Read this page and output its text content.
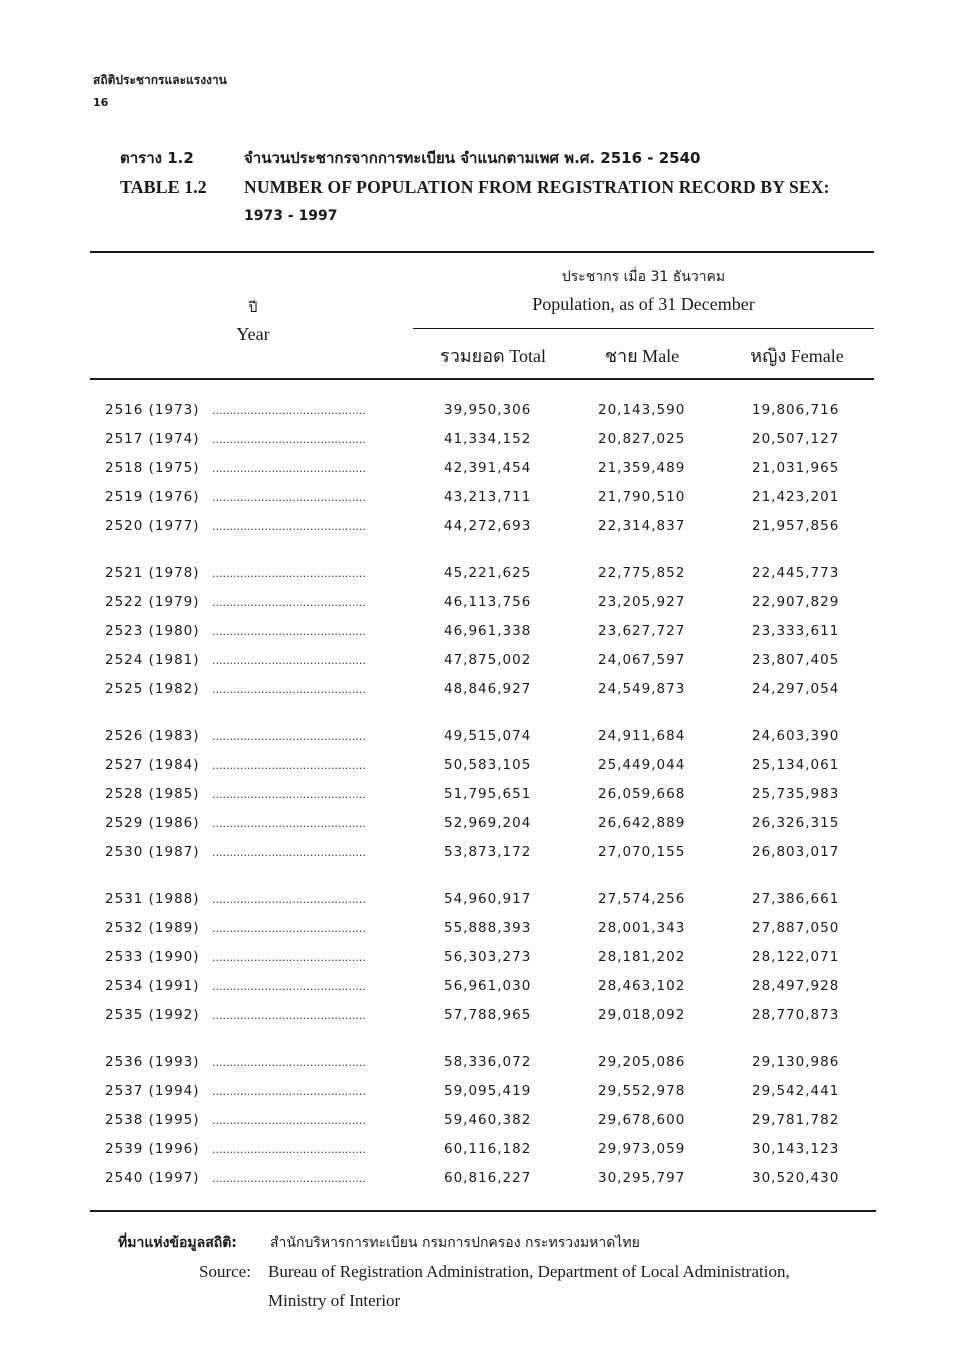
สถิติประชากรและแรงงาน
16
ตาราง 1.2
TABLE 1.2
จำนวนประชากรจากการทะเบียน จำแนกตามเพศ พ.ศ. 2516 - 2540
NUMBER OF POPULATION FROM REGISTRATION RECORD BY SEX:
1973 - 1997
ประชากร เมื่อ 31 ธันวาคม
Population, as of 31 December
ปี
Year
รวมยอด Total	ชาย Male	หญิง Female
2516 (1973) ............................................	39,950,306	20,143,590	19,806,716
2517 (1974) ............................................	41,334,152	20,827,025	20,507,127
2518 (1975) ............................................	42,391,454	21,359,489	21,031,965
2519 (1976) ............................................	43,213,711	21,790,510	21,423,201
2520 (1977) ............................................	44,272,693	22,314,837	21,957,856
2521 (1978) ............................................	45,221,625	22,775,852	22,445,773
2522 (1979) ............................................	46,113,756	23,205,927	22,907,829
2523 (1980) ............................................	46,961,338	23,627,727	23,333,611
2524 (1981) ............................................	47,875,002	24,067,597	23,807,405
2525 (1982) ............................................	48,846,927	24,549,873	24,297,054
2526 (1983) ............................................	49,515,074	24,911,684	24,603,390
2527 (1984) ............................................	50,583,105	25,449,044	25,134,061
2528 (1985) ............................................	51,795,651	26,059,668	25,735,983
2529 (1986) ............................................	52,969,204	26,642,889	26,326,315
2530 (1987) ............................................	53,873,172	27,070,155	26,803,017
2531 (1988) ............................................	54,960,917	27,574,256	27,386,661
2532 (1989) ............................................	55,888,393	28,001,343	27,887,050
2533 (1990) ............................................	56,303,273	28,181,202	28,122,071
2534 (1991) ............................................	56,961,030	28,463,102	28,497,928
2535 (1992) ............................................	57,788,965	29,018,092	28,770,873
2536 (1993) ............................................	58,336,072	29,205,086	29,130,986
2537 (1994) ............................................	59,095,419	29,552,978	29,542,441
2538 (1995) ............................................	59,460,382	29,678,600	29,781,782
2539 (1996) ............................................	60,116,182	29,973,059	30,143,123
2540 (1997) ............................................	60,816,227	30,295,797	30,520,430
ที่มาแห่งข้อมูลสถิติ: สำนักบริหารการทะเบียน กรมการปกครอง กระทรวงมหาดไทย
Source: Bureau of Registration Administration, Department of Local Administration,
Ministry of Interior
